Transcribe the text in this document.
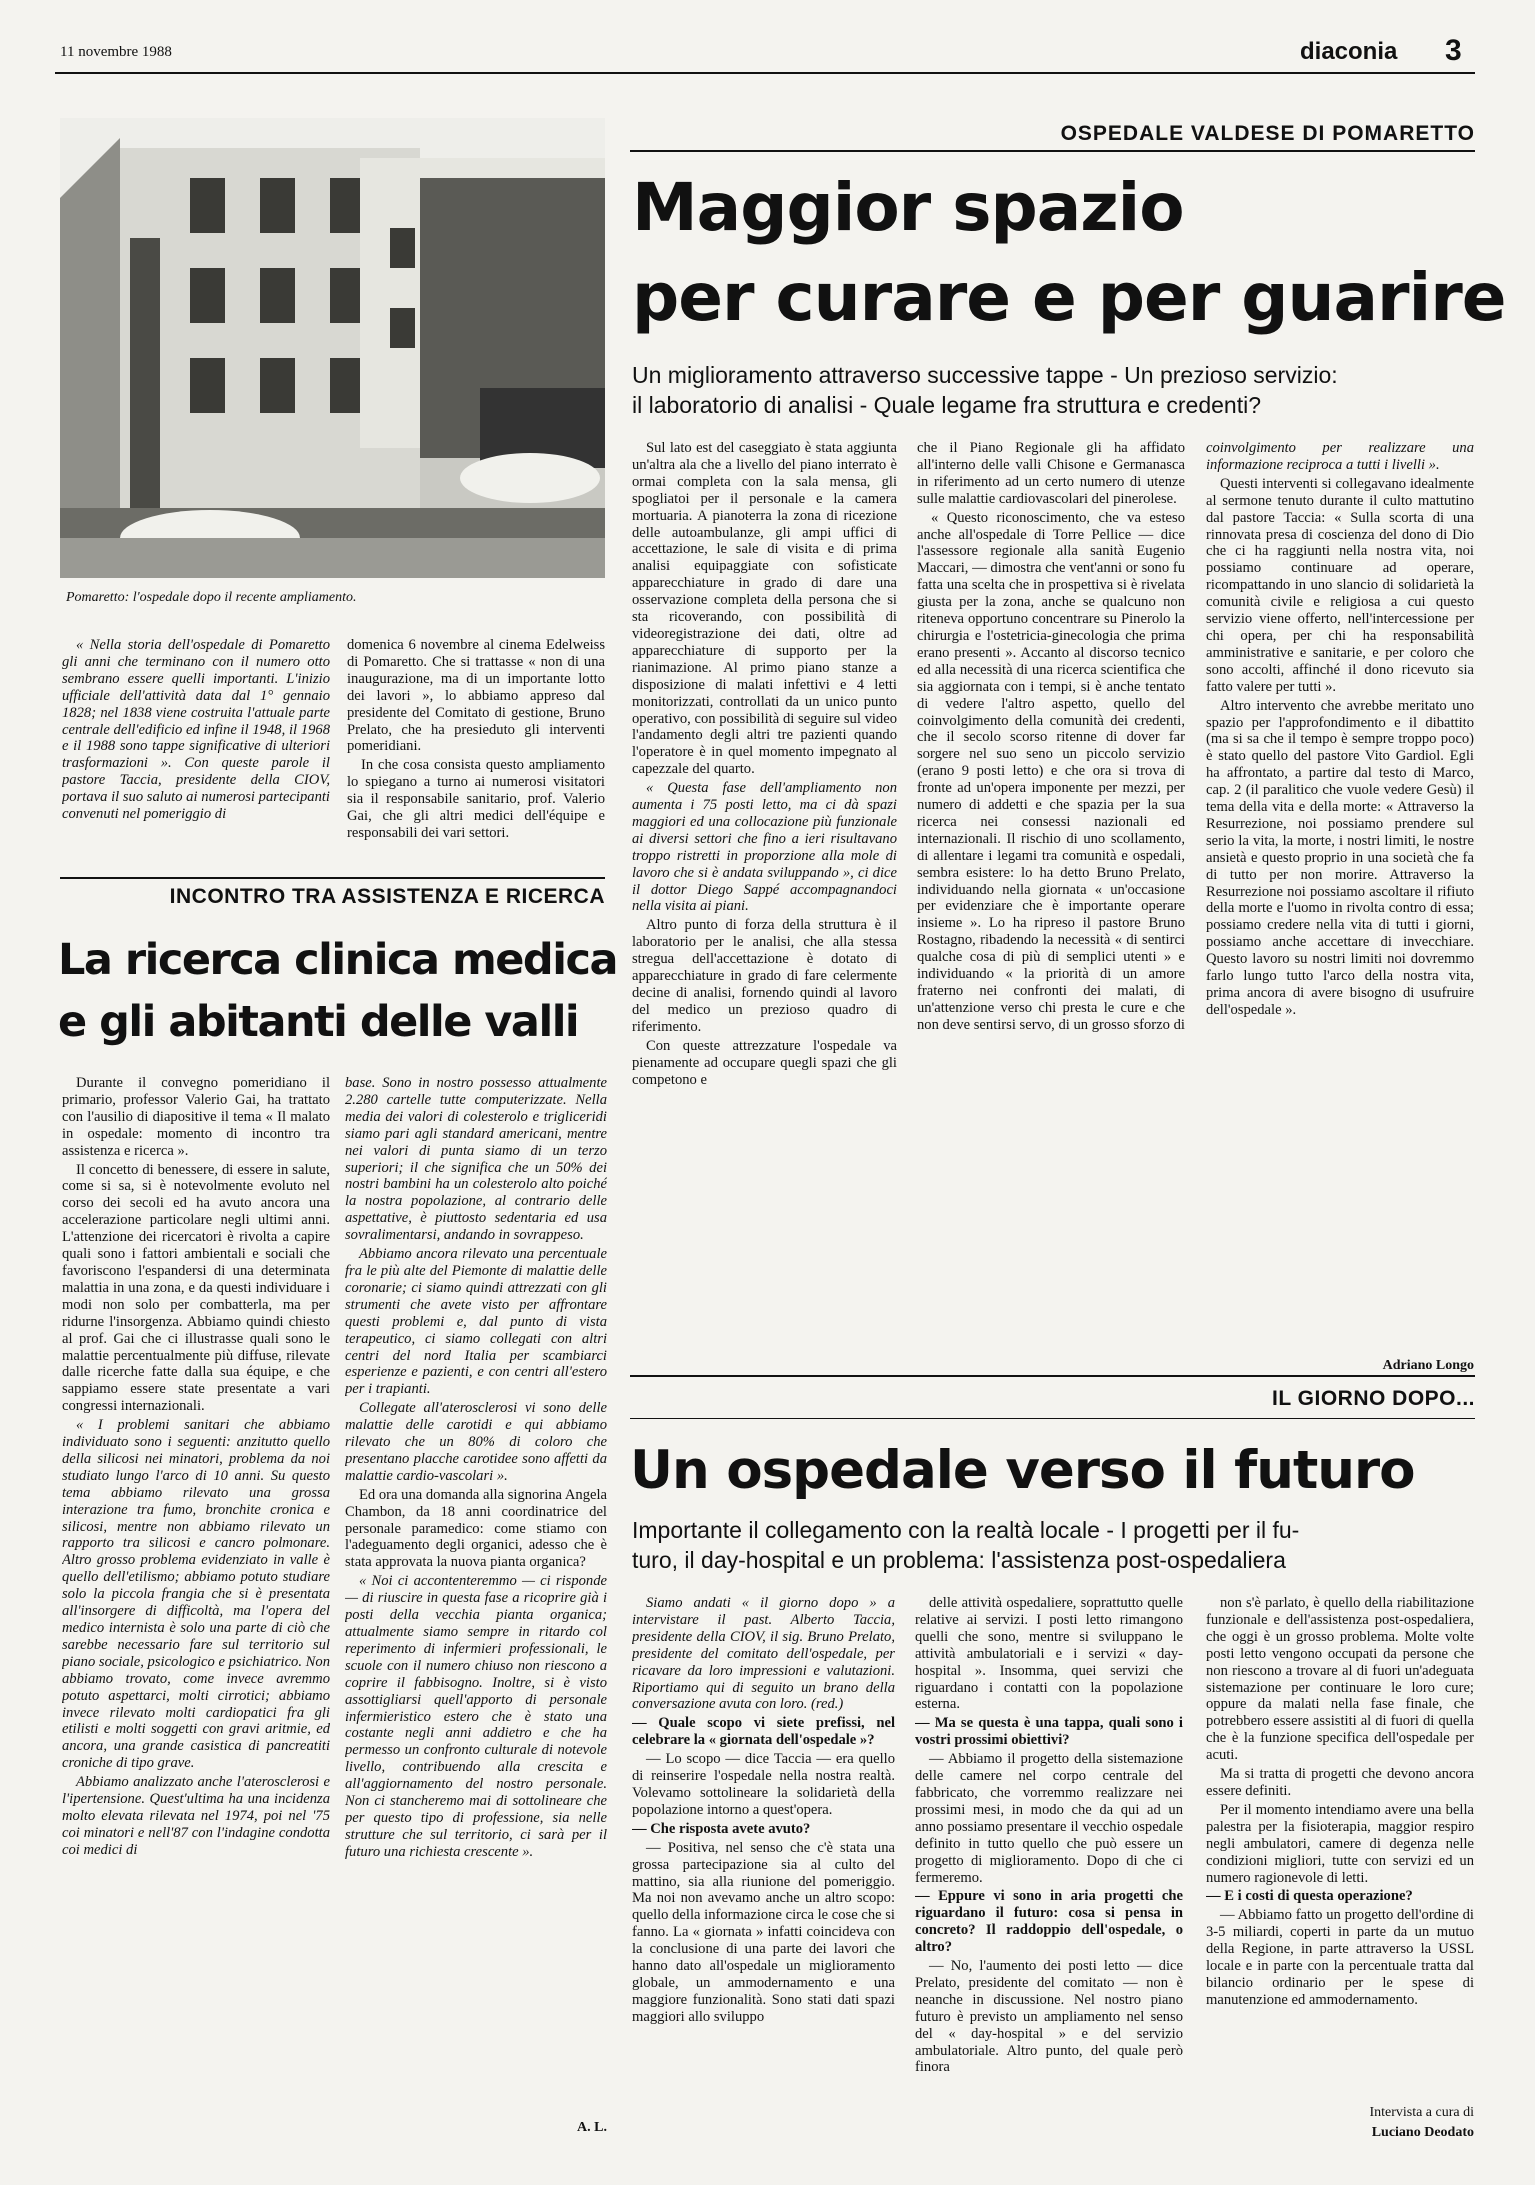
11 novembre 1988	diaconia 3
Pomaretto: l'ospedale dopo il recente ampliamento.

« Nella storia dell'ospedale di Pomaretto gli anni che terminano con il numero otto sembrano essere quelli importanti. L'inizio ufficiale dell'attività data dal 1° gennaio 1828; nel 1838 viene costruita l'attuale parte centrale dell'edificio ed infine il 1948, il 1968 e il 1988 sono tappe significative di ulteriori trasformazioni ». Con queste parole il pastore Taccia, presidente della CIOV, portava il suo saluto ai numerosi partecipanti convenuti nel pomeriggio di

domenica 6 novembre al cinema Edelweiss di Pomaretto. Che si trattasse « non di una inaugurazione, ma di un importante lotto dei lavori », lo abbiamo appreso dal presidente del Comitato di gestione, Bruno Prelato, che ha presieduto gli interventi pomeridiani.

In che cosa consista questo ampliamento lo spiegano a turno ai numerosi visitatori sia il responsabile sanitario, prof. Valerio Gai, che gli altri medici dell'équipe e responsabili dei vari settori.

OSPEDALE VALDESE DI POMARETTO
Maggior spazio
per curare e per guarire
Un miglioramento attraverso successive tappe - Un prezioso servizio:
il laboratorio di analisi - Quale legame fra struttura e credenti?

Sul lato est del caseggiato è stata aggiunta un'altra ala che a livello del piano interrato è ormai completa con la sala mensa, gli spogliatoi per il personale e la camera mortuaria. A pianoterra la zona di ricezione delle autoambulanze, gli ampi uffici di accettazione, le sale di visita e di prima analisi equipaggiate con sofisticate apparecchiature in grado di dare una osservazione completa della persona che si sta ricoverando, con possibilità di videoregistrazione dei dati, oltre ad apparecchiature di supporto per la rianimazione. Al primo piano stanze a disposizione di malati infettivi e 4 letti monitorizzati, controllati da un unico punto operativo, con possibilità di seguire sul video l'andamento degli altri tre pazienti quando l'operatore è in quel momento impegnato al capezzale del quarto.

« Questa fase dell'ampliamento non aumenta i 75 posti letto, ma ci dà spazi maggiori ed una collocazione più funzionale ai diversi settori che fino a ieri risultavano troppo ristretti in proporzione alla mole di lavoro che si è andata sviluppando », ci dice il dottor Diego Sappé accompagnandoci nella visita ai piani.

Altro punto di forza della struttura è il laboratorio per le analisi, che alla stessa stregua dell'accettazione è dotato di apparecchiature in grado di fare celermente decine di analisi, fornendo quindi al lavoro del medico un prezioso quadro di riferimento.

Con queste attrezzature l'ospedale va pienamente ad occupare quegli spazi che gli competono e

che il Piano Regionale gli ha affidato all'interno delle valli Chisone e Germanasca in riferimento ad un certo numero di utenze sulle malattie cardiovascolari del pinerolese.

« Questo riconoscimento, che va esteso anche all'ospedale di Torre Pellice — dice l'assessore regionale alla sanità Eugenio Maccari, — dimostra che vent'anni or sono fu fatta una scelta che in prospettiva si è rivelata giusta per la zona, anche se qualcuno non riteneva opportuno concentrare su Pinerolo la chirurgia e l'ostetricia-ginecologia che prima erano presenti ». Accanto al discorso tecnico ed alla necessità di una ricerca scientifica che sia aggiornata con i tempi, si è anche tentato di vedere l'altro aspetto, quello del coinvolgimento della comunità dei credenti, che il secolo scorso ritenne di dover far sorgere nel suo seno un piccolo servizio (erano 9 posti letto) e che ora si trova di fronte ad un'opera imponente per mezzi, per numero di addetti e che spazia per la sua ricerca nei consessi nazionali ed internazionali. Il rischio di uno scollamento, di allentare i legami tra comunità e ospedali, sembra esistere: lo ha detto Bruno Prelato, individuando nella giornata « un'occasione per evidenziare che è importante operare insieme ». Lo ha ripreso il pastore Bruno Rostagno, ribadendo la necessità « di sentirci qualche cosa di più di semplici utenti » e individuando « la priorità di un amore fraterno nei confronti dei malati, di un'attenzione verso chi presta le cure e che non deve sentirsi servo, di un grosso sforzo di

coinvolgimento per realizzare una informazione reciproca a tutti i livelli ».

Questi interventi si collegavano idealmente al sermone tenuto durante il culto mattutino dal pastore Taccia: « Sulla scorta di una rinnovata presa di coscienza del dono di Dio che ci ha raggiunti nella nostra vita, noi possiamo continuare ad operare, ricompattando in uno slancio di solidarietà la comunità civile e religiosa a cui questo servizio viene offerto, nell'intercessione per chi opera, per chi ha responsabilità amministrative e sanitarie, e per coloro che sono accolti, affinché il dono ricevuto sia fatto valere per tutti ».

Altro intervento che avrebbe meritato uno spazio per l'approfondimento e il dibattito (ma si sa che il tempo è sempre troppo poco) è stato quello del pastore Vito Gardiol. Egli ha affrontato, a partire dal testo di Marco, cap. 2 (il paralitico che vuole vedere Gesù) il tema della vita e della morte: « Attraverso la Resurrezione, noi possiamo prendere sul serio la vita, la morte, i nostri limiti, le nostre ansietà e questo proprio in una società che fa di tutto per non morire. Attraverso la Resurrezione noi possiamo ascoltare il rifiuto della morte e l'uomo in rivolta contro di essa; possiamo credere nella vita di tutti i giorni, possiamo anche accettare di invecchiare. Questo lavoro su nostri limiti noi dovremmo farlo lungo tutto l'arco della nostra vita, prima ancora di avere bisogno di usufruire dell'ospedale ».

Adriano Longo
INCONTRO TRA ASSISTENZA E RICERCA
La ricerca clinica medica
e gli abitanti delle valli

Durante il convegno pomeridiano il primario, professor Valerio Gai, ha trattato con l'ausilio di diapositive il tema « Il malato in ospedale: momento di incontro tra assistenza e ricerca ».

Il concetto di benessere, di essere in salute, come si sa, si è notevolmente evoluto nel corso dei secoli ed ha avuto ancora una accelerazione particolare negli ultimi anni. L'attenzione dei ricercatori è rivolta a capire quali sono i fattori ambientali e sociali che favoriscono l'espandersi di una determinata malattia in una zona, e da questi individuare i modi non solo per combatterla, ma per ridurne l'insorgenza. Abbiamo quindi chiesto al prof. Gai che ci illustrasse quali sono le malattie percentualmente più diffuse, rilevate dalle ricerche fatte dalla sua équipe, e che sappiamo essere state presentate a vari congressi internazionali.

« I problemi sanitari che abbiamo individuato sono i seguenti: anzitutto quello della silicosi nei minatori, problema da noi studiato lungo l'arco di 10 anni. Su questo tema abbiamo rilevato una grossa interazione tra fumo, bronchite cronica e silicosi, mentre non abbiamo rilevato un rapporto tra silicosi e cancro polmonare. Altro grosso problema evidenziato in valle è quello dell'etilismo; abbiamo potuto studiare solo la piccola frangia che si è presentata all'insorgere di difficoltà, ma l'opera del medico internista è solo una parte di ciò che sarebbe necessario fare sul territorio sul piano sociale, psicologico e psichiatrico. Non abbiamo trovato, come invece avremmo potuto aspettarci, molti cirrotici; abbiamo invece rilevato molti cardiopatici fra gli etilisti e molti soggetti con gravi aritmie, ed ancora, una grande casistica di pancreatiti croniche di tipo grave.

Abbiamo analizzato anche l'aterosclerosi e l'ipertensione. Quest'ultima ha una incidenza molto elevata rilevata nel 1974, poi nel '75 coi minatori e nell'87 con l'indagine condotta coi medici di

base. Sono in nostro possesso attualmente 2.280 cartelle tutte computerizzate. Nella media dei valori di colesterolo e trigliceridi siamo pari agli standard americani, mentre nei valori di punta siamo di un terzo superiori; il che significa che un 50% dei nostri bambini ha un colesterolo alto poiché la nostra popolazione, al contrario delle aspettative, è piuttosto sedentaria ed usa sovralimentarsi, andando in sovrappeso.

Abbiamo ancora rilevato una percentuale fra le più alte del Piemonte di malattie delle coronarie; ci siamo quindi attrezzati con gli strumenti che avete visto per affrontare questi problemi e, dal punto di vista terapeutico, ci siamo collegati con altri centri del nord Italia per scambiarci esperienze e pazienti, e con centri all'estero per i trapianti.

Collegate all'aterosclerosi vi sono delle malattie delle carotidi e qui abbiamo rilevato che un 80% di coloro che presentano placche carotidee sono affetti da malattie cardio-vascolari ».

Ed ora una domanda alla signorina Angela Chambon, da 18 anni coordinatrice del personale paramedico: come stiamo con l'adeguamento degli organici, adesso che è stata approvata la nuova pianta organica?

« Noi ci accontenteremmo — ci risponde — di riuscire in questa fase a ricoprire già i posti della vecchia pianta organica; attualmente siamo sempre in ritardo col reperimento di infermieri professionali, le scuole con il numero chiuso non riescono a coprire il fabbisogno. Inoltre, si è visto assottigliarsi quell'apporto di personale infermieristico estero che è stato una costante negli anni addietro e che ha permesso un confronto culturale di notevole livello, contribuendo alla crescita e all'aggiornamento del nostro personale. Non ci stancheremo mai di sottolineare che per questo tipo di professione, sia nelle strutture che sul territorio, ci sarà per il futuro una richiesta crescente ».

A. L.
IL GIORNO DOPO...
Un ospedale verso il futuro
Importante il collegamento con la realtà locale - I progetti per il fu-
turo, il day-hospital e un problema: l'assistenza post-ospedaliera

Siamo andati « il giorno dopo » a intervistare il past. Alberto Taccia, presidente della CIOV, il sig. Bruno Prelato, presidente del comitato dell'ospedale, per ricavare da loro impressioni e valutazioni. Riportiamo qui di seguito un brano della conversazione avuta con loro. (red.)

— Quale scopo vi siete prefissi, nel celebrare la « giornata dell'ospedale »?

— Lo scopo — dice Taccia — era quello di reinserire l'ospedale nella nostra realtà. Volevamo sottolineare la solidarietà della popolazione intorno a quest'opera.

— Che risposta avete avuto?

— Positiva, nel senso che c'è stata una grossa partecipazione sia al culto del mattino, sia alla riunione del pomeriggio. Ma noi non avevamo anche un altro scopo: quello della informazione circa le cose che si fanno. La « giornata » infatti coincideva con la conclusione di una parte dei lavori che hanno dato all'ospedale un miglioramento globale, un ammodernamento e una maggiore funzionalità. Sono stati dati spazi maggiori allo sviluppo

delle attività ospedaliere, soprattutto quelle relative ai servizi. I posti letto rimangono quelli che sono, mentre si sviluppano le attività ambulatoriali e i servizi « day-hospital ». Insomma, quei servizi che riguardano i contatti con la popolazione esterna.

— Ma se questa è una tappa, quali sono i vostri prossimi obiettivi?

— Abbiamo il progetto della sistemazione delle camere nel corpo centrale del fabbricato, che vorremmo realizzare nei prossimi mesi, in modo che da qui ad un anno possiamo presentare il vecchio ospedale definito in tutto quello che può essere un progetto di miglioramento. Dopo di che ci fermeremo.

— Eppure vi sono in aria progetti che riguardano il futuro: cosa si pensa in concreto? Il raddoppio dell'ospedale, o altro?

— No, l'aumento dei posti letto — dice Prelato, presidente del comitato — non è neanche in discussione. Nel nostro piano futuro è previsto un ampliamento nel senso del « day-hospital » e del servizio ambulatoriale. Altro punto, del quale però finora

non s'è parlato, è quello della riabilitazione funzionale e dell'assistenza post-ospedaliera, che oggi è un grosso problema. Molte volte posti letto vengono occupati da persone che non riescono a trovare al di fuori un'adeguata sistemazione per continuare le loro cure; oppure da malati nella fase finale, che potrebbero essere assistiti al di fuori di quella che è la funzione specifica dell'ospedale per acuti.

Ma si tratta di progetti che devono ancora essere definiti.

Per il momento intendiamo avere una bella palestra per la fisioterapia, maggior respiro negli ambulatori, camere di degenza nelle condizioni migliori, tutte con servizi ed un numero ragionevole di letti.

— E i costi di questa operazione?

— Abbiamo fatto un progetto dell'ordine di 3-5 miliardi, coperti in parte da un mutuo della Regione, in parte attraverso la USSL locale e in parte con la percentuale tratta dal bilancio ordinario per le spese di manutenzione ed ammodernamento.

Intervista a cura di
Luciano Deodato
